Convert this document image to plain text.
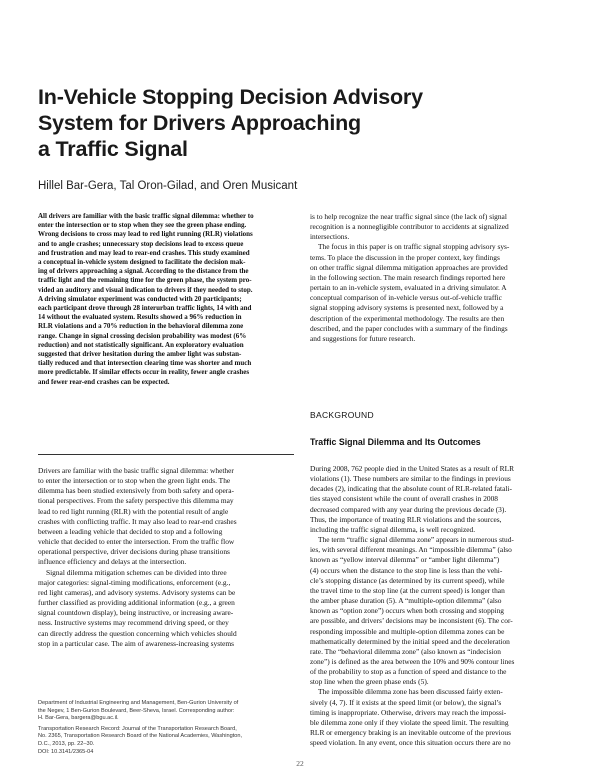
In-Vehicle Stopping Decision Advisory
System for Drivers Approaching
a Traffic Signal
Hillel Bar-Gera, Tal Oron-Gilad, and Oren Musicant
All drivers are familiar with the basic traffic signal dilemma: whether to
enter the intersection or to stop when they see the green phase ending.
Wrong decisions to cross may lead to red light running (RLR) violations
and to angle crashes; unnecessary stop decisions lead to excess queue
and frustration and may lead to rear-end crashes. This study examined
a conceptual in-vehicle system designed to facilitate the decision mak-
ing of drivers approaching a signal. According to the distance from the
traffic light and the remaining time for the green phase, the system pro-
vided an auditory and visual indication to drivers if they needed to stop.
A driving simulator experiment was conducted with 20 participants;
each participant drove through 28 interurban traffic lights, 14 with and
14 without the evaluated system. Results showed a 96% reduction in
RLR violations and a 70% reduction in the behavioral dilemma zone
range. Change in signal crossing decision probability was modest (6%
reduction) and not statistically significant. An exploratory evaluation
suggested that driver hesitation during the amber light was substan-
tially reduced and that intersection clearing time was shorter and much
more predictable. If similar effects occur in reality, fewer angle crashes
and fewer rear-end crashes can be expected.
Drivers are familiar with the basic traffic signal dilemma: whether
to enter the intersection or to stop when the green light ends. The
dilemma has been studied extensively from both safety and opera-
tional perspectives. From the safety perspective this dilemma may
lead to red light running (RLR) with the potential result of angle
crashes with conflicting traffic. It may also lead to rear-end crashes
between a leading vehicle that decided to stop and a following
vehicle that decided to enter the intersection. From the traffic flow
operational perspective, driver decisions during phase transitions
influence efficiency and delays at the intersection.
Signal dilemma mitigation schemes can be divided into three
major categories: signal-timing modifications, enforcement (e.g.,
red light cameras), and advisory systems. Advisory systems can be
further classified as providing additional information (e.g., a green
signal countdown display), being instructive, or increasing aware-
ness. Instructive systems may recommend driving speed, or they
can directly address the question concerning which vehicles should
stop in a particular case. The aim of awareness-increasing systems
Department of Industrial Engineering and Management, Ben-Gurion University of
the Negev, 1 Ben-Gurion Boulevard, Beer-Sheva, Israel. Corresponding author:
H. Bar-Gera, bargera@bgu.ac.il.
Transportation Research Record: Journal of the Transportation Research Board,
No. 2365, Transportation Research Board of the National Academies, Washington,
D.C., 2013, pp. 22–30.
DOI: 10.3141/2365-04
is to help recognize the near traffic signal since (the lack of) signal
recognition is a nonnegligible contributor to accidents at signalized
intersections.
The focus in this paper is on traffic signal stopping advisory sys-
tems. To place the discussion in the proper context, key findings
on other traffic signal dilemma mitigation approaches are provided
in the following section. The main research findings reported here
pertain to an in-vehicle system, evaluated in a driving simulator. A
conceptual comparison of in-vehicle versus out-of-vehicle traffic
signal stopping advisory systems is presented next, followed by a
description of the experimental methodology. The results are then
described, and the paper concludes with a summary of the findings
and suggestions for future research.
BACKGROUND
Traffic Signal Dilemma and Its Outcomes
During 2008, 762 people died in the United States as a result of RLR
violations (1). These numbers are similar to the findings in previous
decades (2), indicating that the absolute count of RLR-related fatali-
ties stayed consistent while the count of overall crashes in 2008
decreased compared with any year during the previous decade (3).
Thus, the importance of treating RLR violations and the sources,
including the traffic signal dilemma, is well recognized.
The term “traffic signal dilemma zone” appears in numerous stud-
ies, with several different meanings. An “impossible dilemma” (also
known as “yellow interval dilemma” or “amber light dilemma”)
(4) occurs when the distance to the stop line is less than the vehi-
cle’s stopping distance (as determined by its current speed), while
the travel time to the stop line (at the current speed) is longer than
the amber phase duration (5). A “multiple-option dilemma” (also
known as “option zone”) occurs when both crossing and stopping
are possible, and drivers’ decisions may be inconsistent (6). The cor-
responding impossible and multiple-option dilemma zones can be
mathematically determined by the initial speed and the deceleration
rate. The “behavioral dilemma zone” (also known as “indecision
zone”) is defined as the area between the 10% and 90% contour lines
of the probability to stop as a function of speed and distance to the
stop line when the green phase ends (5).
The impossible dilemma zone has been discussed fairly exten-
sively (4, 7). If it exists at the speed limit (or below), the signal’s
timing is inappropriate. Otherwise, drivers may reach the impossi-
ble dilemma zone only if they violate the speed limit. The resulting
RLR or emergency braking is an inevitable outcome of the previous
speed violation. In any event, once this situation occurs there are no
22
